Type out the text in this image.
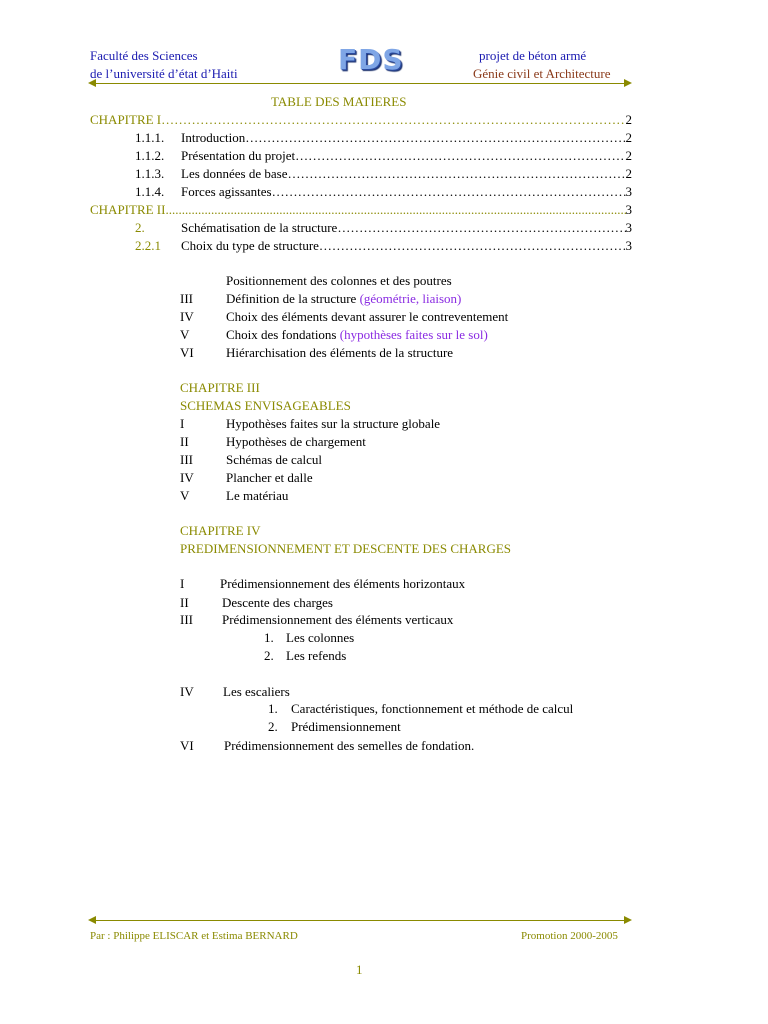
Faculté des Sciences
de l’université d’état d’Haiti	FDS	projet de béton armé
Génie civil et Architecture
TABLE DES MATIERES
CHAPITRE I …………………………………………………………………………………………………………………………………………………………………………………………………………………………………………………………	2
1.1.1.	Introduction …………………………………………………………………………………………………………………………………………………………………………………………………………………………………………………………	2
1.1.2.	Présentation du projet …………………………………………………………………………………………………………………………………………………………………………………………………………………………………………………………	2
1.1.3.	Les données de base …………………………………………………………………………………………………………………………………………………………………………………………………………………………………………………………	2
1.1.4.	Forces agissantes …………………………………………………………………………………………………………………………………………………………………………………………………………………………………………………………	3
CHAPITRE II .....	3
2.	Schématisation de la structure …………………………………………………………………………………………………………………………………………………………………………………………………………………………………………………………	3
2.2.1	Choix du type de structure …………………………………………………………………………………………………………………………………………………………………………………………………………………………………………………………	3
Positionnement des colonnes et des poutres
III	Définition de la structure (géométrie, liaison)
IV Choix des éléments devant assurer le contreventement
V	Choix des fondations (hypothèses faites sur le sol)
VI Hiérarchisation des éléments de la structure
CHAPITRE III
SCHEMAS ENVISAGEABLES
I	Hypothèses faites sur la structure globale
II	Hypothèses de chargement
III	Schémas de calcul
IV Plancher et dalle
V	Le matériau
CHAPITRE IV
PREDIMENSIONNEMENT ET DESCENTE DES CHARGES
I	Prédimensionnement des éléments horizontaux
II	Descente des charges
III Prédimensionnement des éléments verticaux
1. Les colonnes
2. Les refends
IV Les escaliers
1. Caractéristiques, fonctionnement et méthode de calcul
2. Prédimensionnement
VI Prédimensionnement des semelles de fondation.
Par : Philippe ELISCAR et Estima BERNARD	Promotion 2000-2005
1
